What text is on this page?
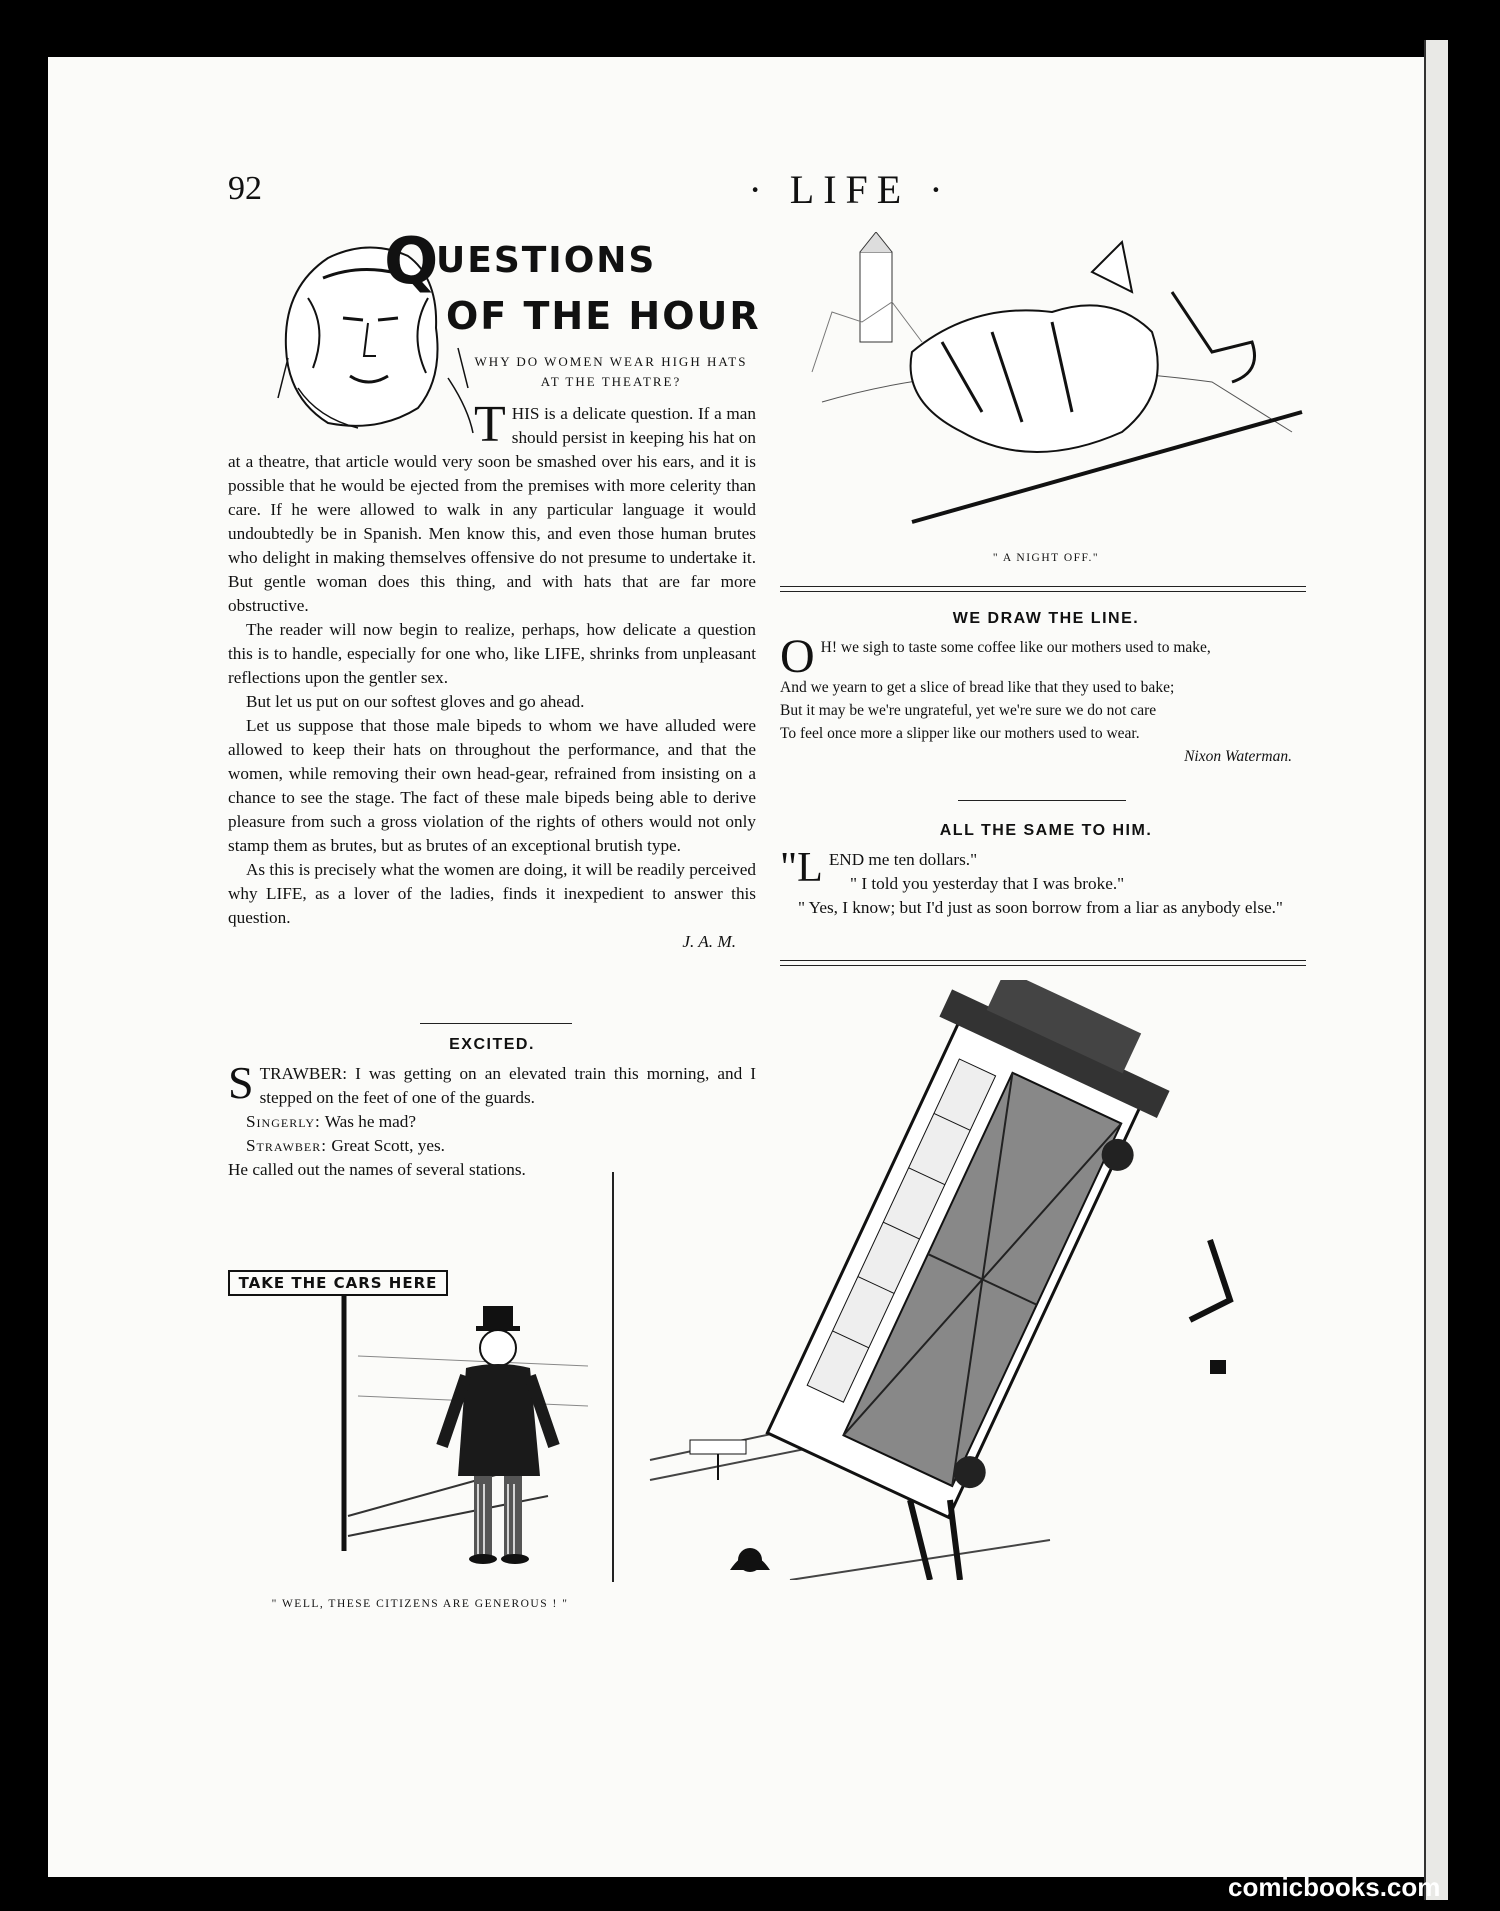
92	· LIFE ·
Q
UESTIONS
OF THE HOUR
WHY DO WOMEN WEAR HIGH HATS AT THE THEATRE?
T HIS is a delicate question. If a man should persist in keeping his hat on at a theatre, that article would very soon be smashed over his ears, and it is possible that he would be ejected from the premises with more celerity than care. If he were allowed to walk in any particular language it would undoubtedly be in Spanish. Men know this, and even those human brutes who delight in making themselves offensive do not presume to undertake it. But gentle woman does this thing, and with hats that are far more obstructive.

The reader will now begin to realize, perhaps, how delicate a question this is to handle, especially for one who, like LIFE, shrinks from unpleasant reflections upon the gentler sex.

But let us put on our softest gloves and go ahead.

Let us suppose that those male bipeds to whom we have alluded were allowed to keep their hats on throughout the performance, and that the women, while removing their own head-gear, refrained from insisting on a chance to see the stage. The fact of these male bipeds being able to derive pleasure from such a gross violation of the rights of others would not only stamp them as brutes, but as brutes of an exceptional brutish type.

As this is precisely what the women are doing, it will be readily perceived why LIFE, as a lover of the ladies, finds it inexpedient to answer this question.

J. A. M.

EXCITED.
S TRAWBER: I was getting on an elevated train this morning, and I stepped on the feet of one of the guards.

Singerly: Was he mad?

Strawber: Great Scott, yes.

He called out the names of several stations.

TAKE THE CARS HERE
" WELL, THESE CITIZENS ARE GENEROUS ! "
" A NIGHT OFF."
WE DRAW THE LINE.
O H! we sigh to taste some coffee like our mothers used to make,
And we yearn to get a slice of bread like that they used to bake;
But it may be we're ungrateful, yet we're sure we do not care
To feel once more a slipper like our mothers used to wear.
Nixon Waterman.
ALL THE SAME TO HIM.
"L END me ten dollars."

" I told you yesterday that I was broke."

" Yes, I know; but I'd just as soon borrow from a liar as anybody else."

comicbooks.com
